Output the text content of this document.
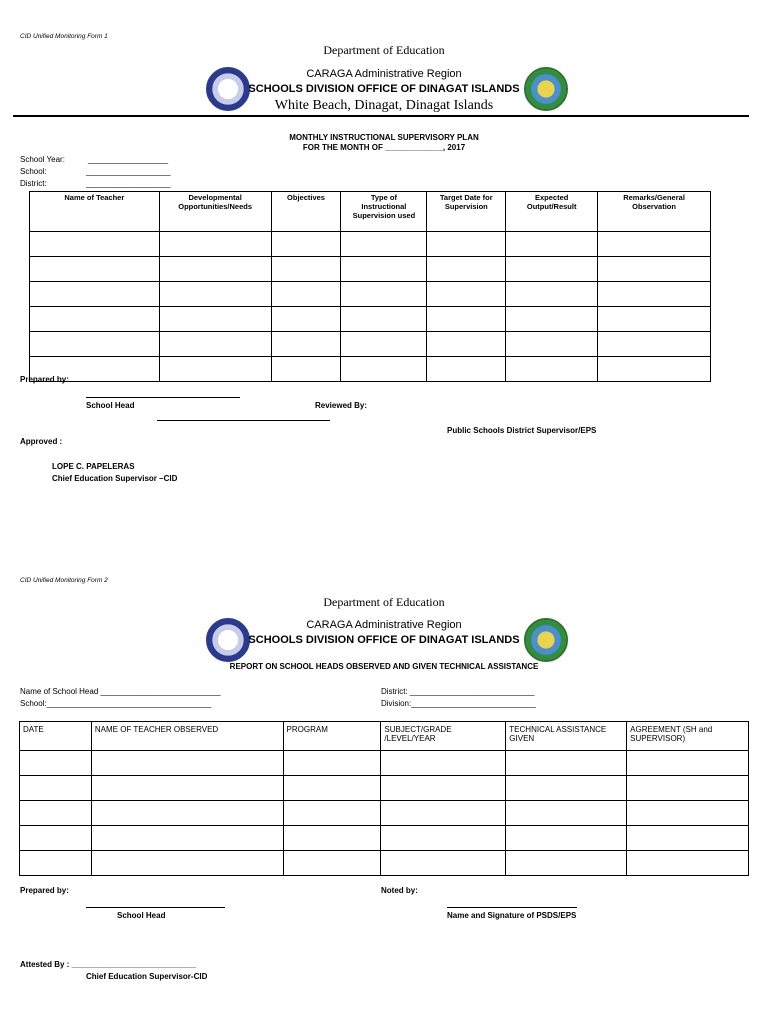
CID Unified Monitoring Form 1
Department of Education
CARAGA Administrative Region
SCHOOLS DIVISION OFFICE OF DINAGAT ISLANDS
White Beach, Dinagat, Dinagat Islands
MONTHLY INSTRUCTIONAL SUPERVISORY PLAN
FOR THE MONTH OF _____________, 2017
School Year:	__________________
School:	___________________
District:	___________________
Name of Teacher	Developmental
Opportunities/Needs	Objectives	Type of
Instructional
Supervision used	Target Date for
Supervision	Expected
Output/Result	Remarks/General
Observation

Prepared by:
School Head	Reviewed By:
Public Schools District Supervisor/EPS
Approved :
LOPE C. PAPELERAS
Chief Education Supervisor –CID
CID Unified Monitoring Form 2
Department of Education
CARAGA Administrative Region
SCHOOLS DIVISION OFFICE OF DINAGAT ISLANDS
REPORT ON SCHOOL HEADS OBSERVED AND GIVEN TECHNICAL ASSISTANCE
Name of School Head ___________________________
School:_____________________________________
District: ____________________________
Division:____________________________
DATE	NAME OF TEACHER OBSERVED	PROGRAM	SUBJECT/GRADE
/LEVEL/YEAR	TECHNICAL ASSISTANCE
GIVEN	AGREEMENT (SH and
SUPERVISOR)

Prepared by:	Noted by:
School Head	Name and Signature of PSDS/EPS
Attested By : ____________________________
Chief Education Supervisor-CID
